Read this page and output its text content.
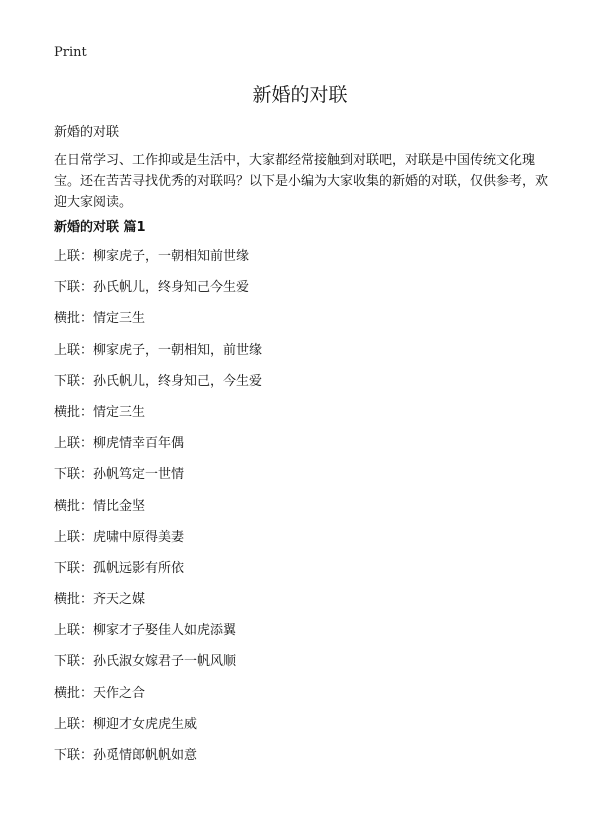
Print
新婚的对联

新婚的对联

在日常学习、工作抑或是生活中，大家都经常接触到对联吧，对联是中国传统文化瑰宝。还在苦苦寻找优秀的对联吗？以下是小编为大家收集的新婚的对联，仅供参考，欢迎大家阅读。

新婚的对联 篇1
上联：柳家虎子，一朝相知前世缘
下联：孙氏帆儿，终身知己今生爱
横批：情定三生
上联：柳家虎子，一朝相知，前世缘
下联：孙氏帆儿，终身知己，今生爱
横批：情定三生
上联：柳虎情幸百年偶
下联：孙帆笃定一世情
横批：情比金坚
上联：虎啸中原得美妻
下联：孤帆远影有所依
横批：齐天之媒
上联：柳家才子娶佳人如虎添翼
下联：孙氏淑女嫁君子一帆风顺
横批：天作之合
上联：柳迎才女虎虎生威
下联：孙觅情郎帆帆如意
